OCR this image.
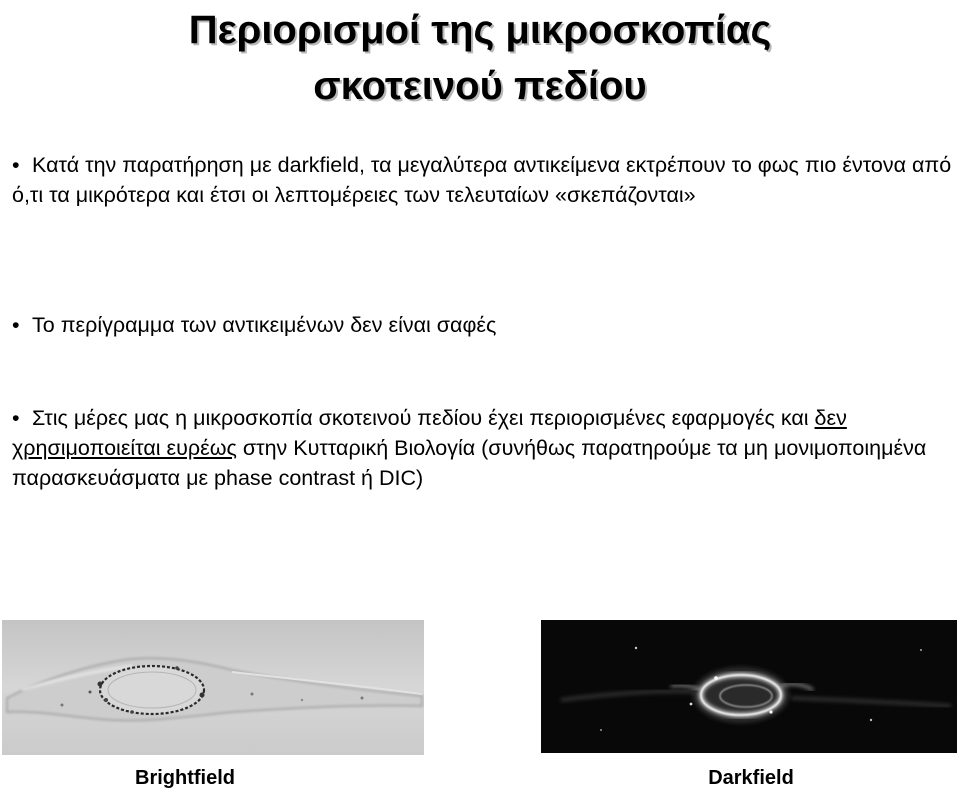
Περιορισμοί της μικροσκοπίας
σκοτεινού πεδίου

• Κατά την παρατήρηση με darkfield, τα μεγαλύτερα αντικείμενα εκτρέπουν το φως πιο έντονα από ό,τι τα μικρότερα και έτσι οι λεπτομέρειες των τελευταίων «σκεπάζονται»

• Το περίγραμμα των αντικειμένων δεν είναι σαφές

• Στις μέρες μας η μικροσκοπία σκοτεινού πεδίου έχει περιορισμένες εφαρμογές και δεν χρησιμοποιείται ευρέως στην Κυτταρική Βιολογία (συνήθως παρατηρούμε τα μη μονιμοποιημένα παρασκευάσματα με phase contrast ή DIC)

Brightfield	Darkfield
